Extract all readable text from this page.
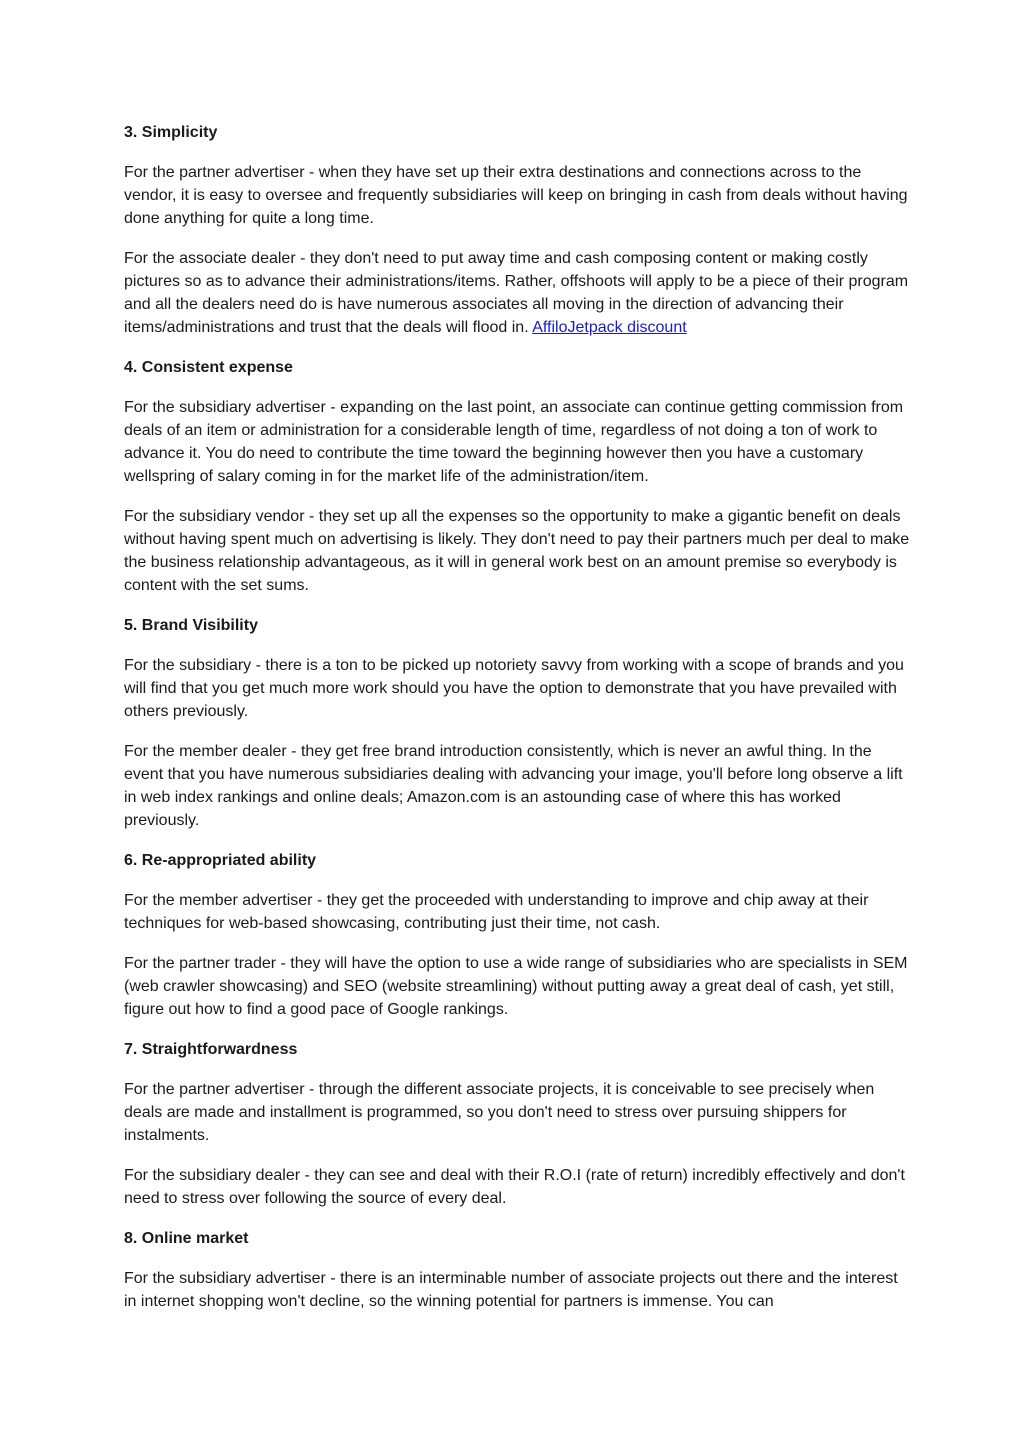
3. Simplicity

For the partner advertiser - when they have set up their extra destinations and connections across to the vendor, it is easy to oversee and frequently subsidiaries will keep on bringing in cash from deals without having done anything for quite a long time.

For the associate dealer - they don't need to put away time and cash composing content or making costly pictures so as to advance their administrations/items. Rather, offshoots will apply to be a piece of their program and all the dealers need do is have numerous associates all moving in the direction of advancing their items/administrations and trust that the deals will flood in. AffiloJetpack discount

4. Consistent expense

For the subsidiary advertiser - expanding on the last point, an associate can continue getting commission from deals of an item or administration for a considerable length of time, regardless of not doing a ton of work to advance it. You do need to contribute the time toward the beginning however then you have a customary wellspring of salary coming in for the market life of the administration/item.

For the subsidiary vendor - they set up all the expenses so the opportunity to make a gigantic benefit on deals without having spent much on advertising is likely. They don't need to pay their partners much per deal to make the business relationship advantageous, as it will in general work best on an amount premise so everybody is content with the set sums.

5. Brand Visibility

For the subsidiary - there is a ton to be picked up notoriety savvy from working with a scope of brands and you will find that you get much more work should you have the option to demonstrate that you have prevailed with others previously.

For the member dealer - they get free brand introduction consistently, which is never an awful thing. In the event that you have numerous subsidiaries dealing with advancing your image, you'll before long observe a lift in web index rankings and online deals; Amazon.com is an astounding case of where this has worked previously.

6. Re-appropriated ability

For the member advertiser - they get the proceeded with understanding to improve and chip away at their techniques for web-based showcasing, contributing just their time, not cash.

For the partner trader - they will have the option to use a wide range of subsidiaries who are specialists in SEM (web crawler showcasing) and SEO (website streamlining) without putting away a great deal of cash, yet still, figure out how to find a good pace of Google rankings.

7. Straightforwardness

For the partner advertiser - through the different associate projects, it is conceivable to see precisely when deals are made and installment is programmed, so you don't need to stress over pursuing shippers for instalments.

For the subsidiary dealer - they can see and deal with their R.O.I (rate of return) incredibly effectively and don't need to stress over following the source of every deal.

8. Online market

For the subsidiary advertiser - there is an interminable number of associate projects out there and the interest in internet shopping won't decline, so the winning potential for partners is immense. You can
